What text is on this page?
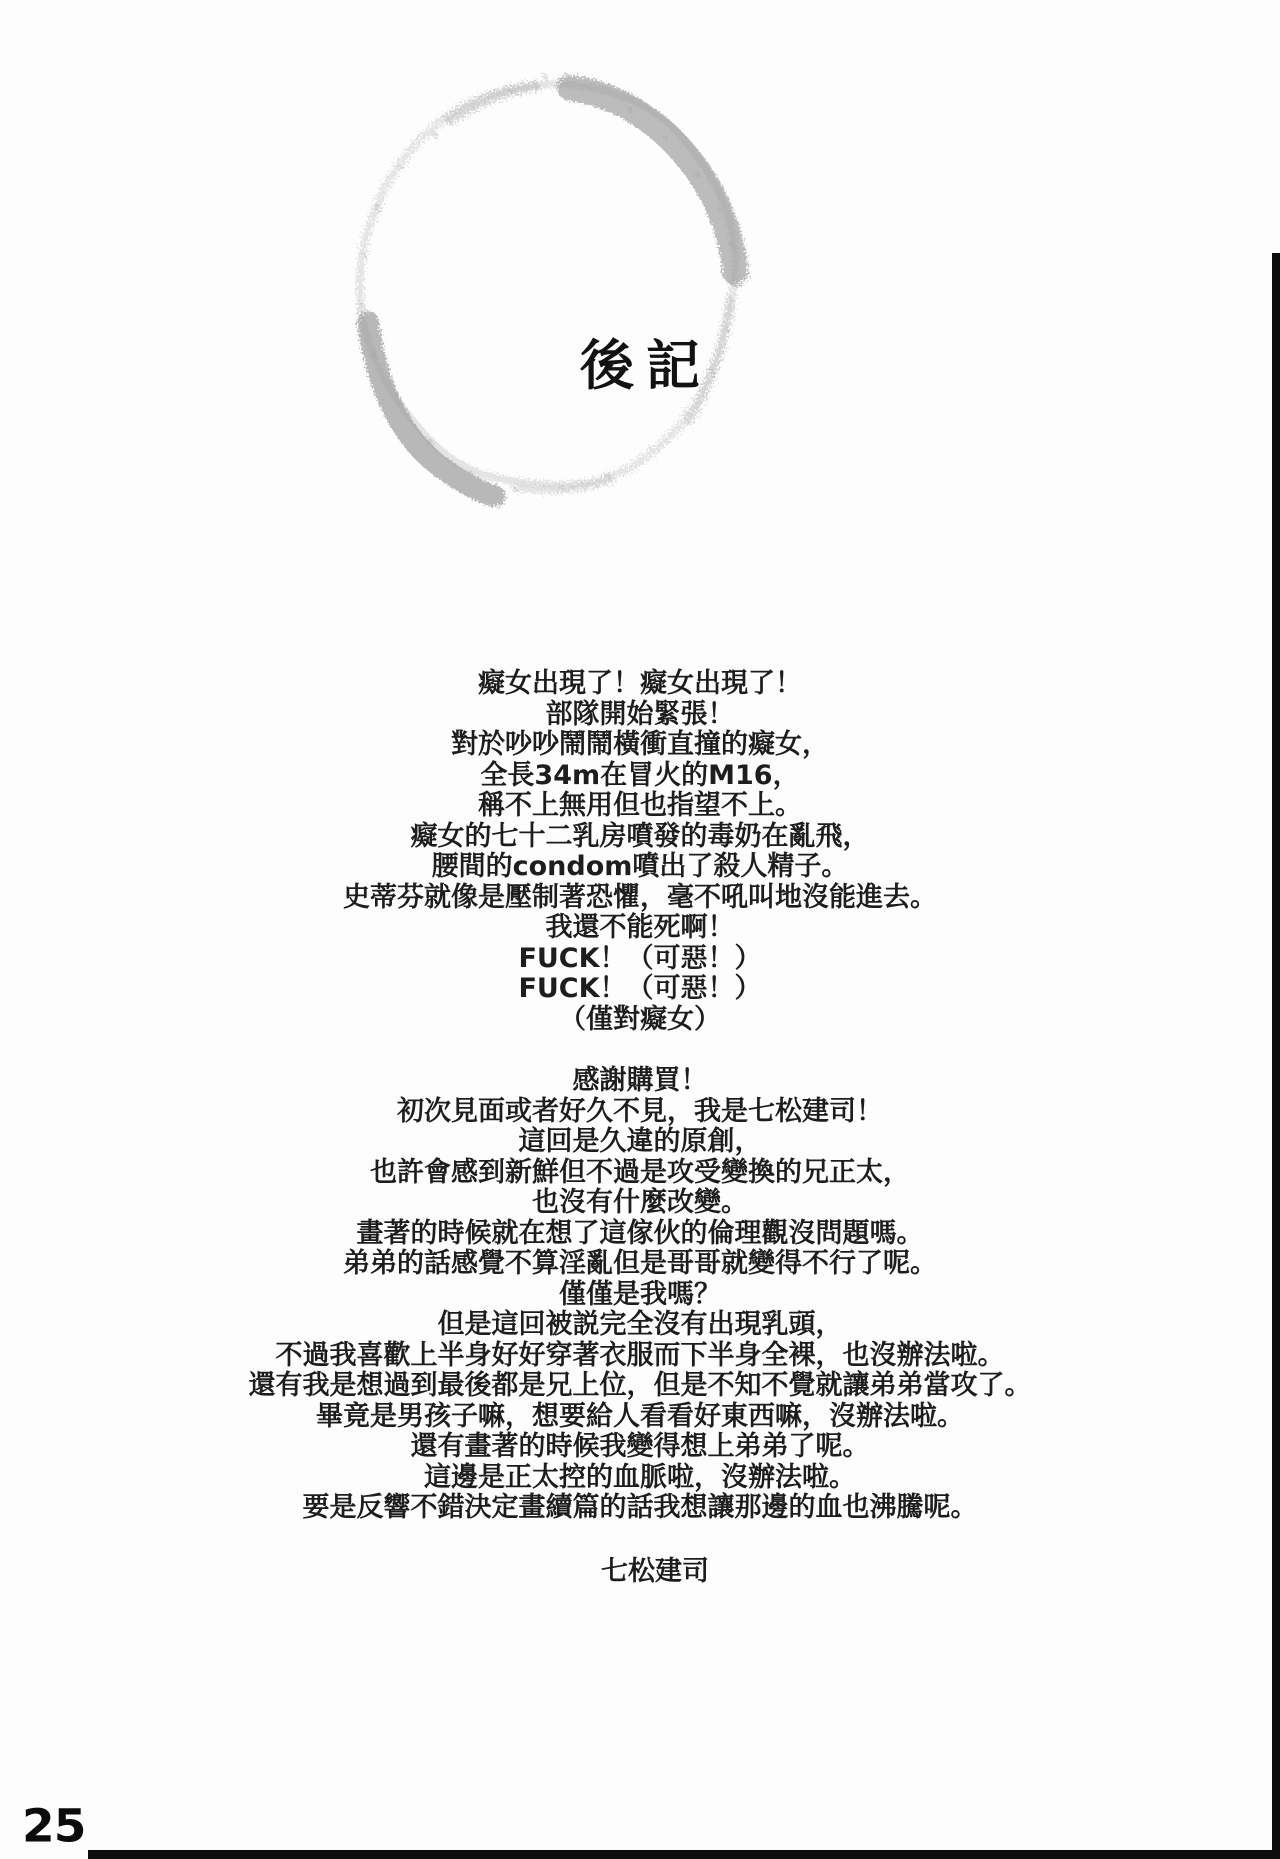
後記
癡女出現了！癡女出現了！
部隊開始緊張！
對於吵吵鬧鬧橫衝直撞的癡女，
全長34m在冒火的M16，
稱不上無用但也指望不上。
癡女的七十二乳房噴發的毒奶在亂飛，
腰間的condom噴出了殺人精子。
史蒂芬就像是壓制著恐懼，毫不吼叫地沒能進去。
我還不能死啊！
FUCK！（可惡！）
FUCK！（可惡！）
（僅對癡女）
感謝購買！
初次見面或者好久不見，我是七松建司！
這回是久違的原創，
也許會感到新鮮但不過是攻受變換的兄正太，
也沒有什麼改變。
畫著的時候就在想了這傢伙的倫理觀沒問題嗎。
弟弟的話感覺不算淫亂但是哥哥就變得不行了呢。
僅僅是我嗎？
但是這回被説完全沒有出現乳頭，
不過我喜歡上半身好好穿著衣服而下半身全裸，也沒辦法啦。
還有我是想過到最後都是兄上位，但是不知不覺就讓弟弟當攻了。
畢竟是男孩子嘛，想要給人看看好東西嘛，沒辦法啦。
還有畫著的時候我變得想上弟弟了呢。
這邊是正太控的血脈啦，沒辦法啦。
要是反響不錯決定畫續篇的話我想讓那邊的血也沸騰呢。
七松建司
25
